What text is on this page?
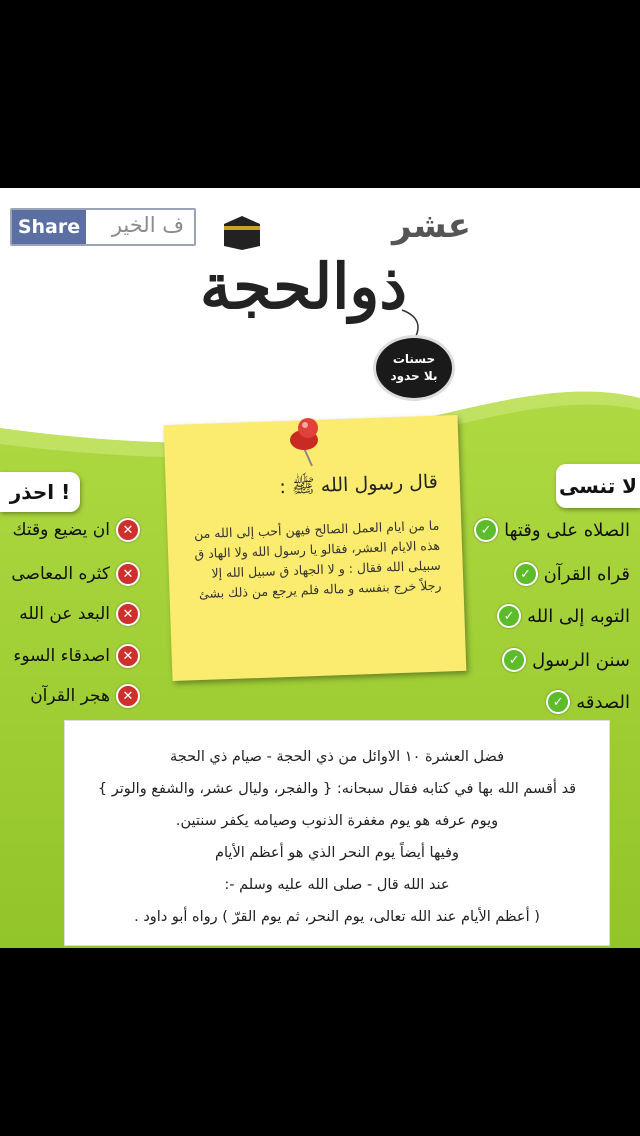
Share ف الخير	عشر
ذوالحجة
حسنات
بلا حدود
احذر !
✕
ان يضيع وقتك
✕
كثره المعاصى
✕
البعد عن الله
✕
اصدقاء السوء
✕
هجر القرآن
قال رسول الله ﷺ :
ما من ايام العمل الصالح فيهن أحب إلى الله من هذه الايام العشر، فقالو يا رسول الله ولا الهاد ق سبيلى الله فقال : و لا الجهاد ق سبيل الله إلا رجلاً خرج بنفسه و ماله فلم يرجع من ذلك بشئ
لا تنسى
الصلاه على وقتها
✓
قراه القرآن
✓
التوبه إلى الله
✓
سنن الرسول
✓
الصدقه
✓
فضل العشرة ١٠ الاوائل من ذي الحجة - صيام ذي الحجة
قد أقسم الله بها في كتابه فقال سبحانه: { والفجر، وليال عشر، والشفع والوتر }
ويوم عرفه هو يوم مغفرة الذنوب وصيامه يكفر سنتين.
وفيها أيضاً يوم النحر الذي هو أعظم الأيام
عند الله قال - صلى الله عليه وسلم -:
( أعظم الأيام عند الله تعالى، يوم النحر، ثم يوم القرّ ) رواه أبو داود .
